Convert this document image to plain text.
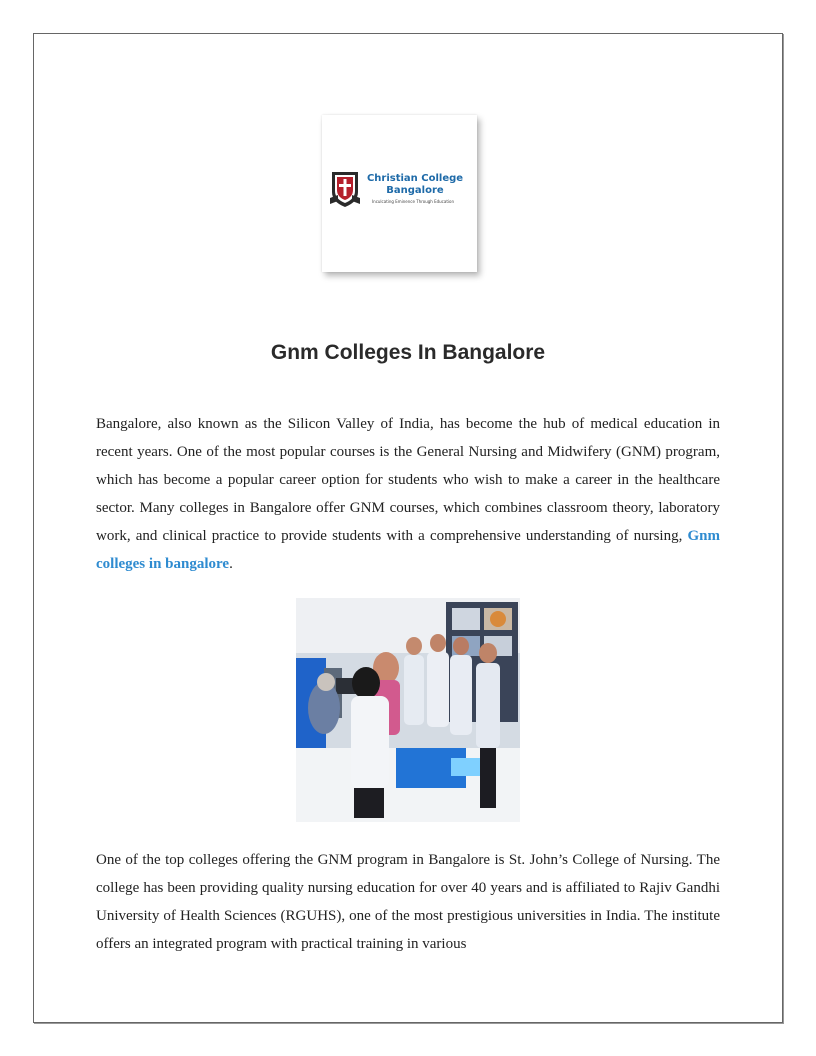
Christian College
Bangalore
Inculcating Eminence Through Education
Gnm Colleges In Bangalore

Bangalore, also known as the Silicon Valley of India, has become the hub of medical education in recent years. One of the most popular courses is the General Nursing and Midwifery (GNM) program, which has become a popular career option for students who wish to make a career in the healthcare sector. Many colleges in Bangalore offer GNM courses, which combines classroom theory, laboratory work, and clinical practice to provide students with a comprehensive understanding of nursing, Gnm colleges in bangalore.

One of the top colleges offering the GNM program in Bangalore is St. John’s College of Nursing. The college has been providing quality nursing education for over 40 years and is affiliated to Rajiv Gandhi University of Health Sciences (RGUHS), one of the most prestigious universities in India. The institute offers an integrated program with practical training in various
